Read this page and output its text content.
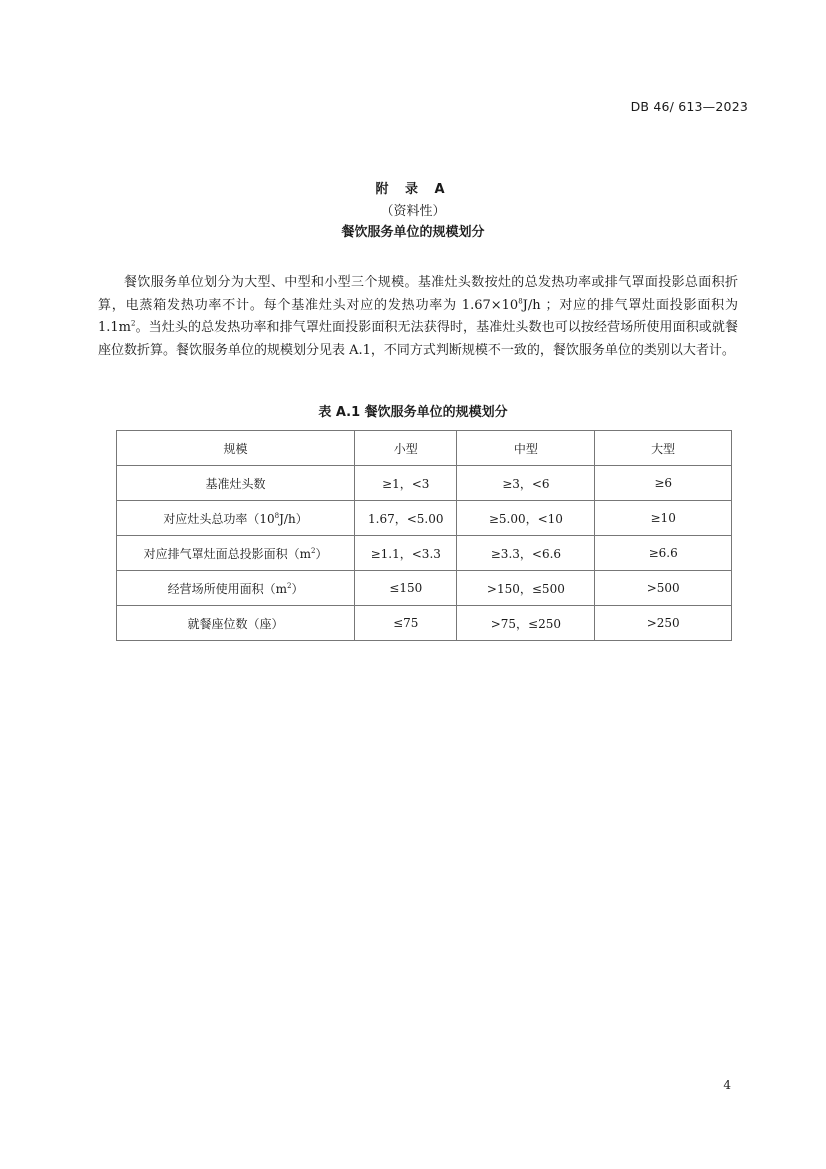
DB 46/ 613—2023
附 录 A
（资料性）
餐饮服务单位的规模划分

餐饮服务单位划分为大型、中型和小型三个规模。基准灶头数按灶的总发热功率或排气罩面投影总面积折算，电蒸箱发热功率不计。每个基准灶头对应的发热功率为 $1.67\times 10^8J/h$ ；对应的排气罩灶面投影面积为 $1.1m^2$。当灶头的总发热功率和排气罩灶面投影面积无法获得时，基准灶头数也可以按经营场所使用面积或就餐座位数折算。餐饮服务单位的规模划分见表 A.1，不同方式判断规模不一致的，餐饮服务单位的类别以大者计。

表 A.1 餐饮服务单位的规模划分
规模	小型	中型	大型
基准灶头数	≥1，<3	≥3，<6	≥6
对应灶头总功率$(10^8J/h)$	1.67，<5.00	≥5.00，<10	≥10
对应排气罩灶面总投影面积$(m^2)$	≥1.1，<3.3	≥3.3，<6.6	≥6.6
经营场所使用面积$(m^2)$	≤150	>150，≤500	>500
就餐座位数（座）	≤75	>75，≤250	>250
4
